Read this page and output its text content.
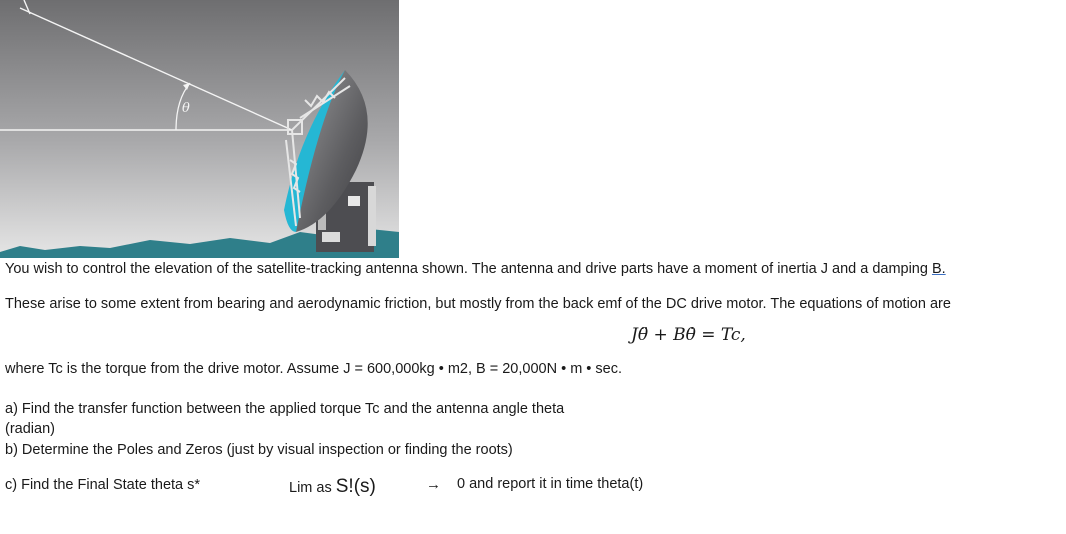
θ
You wish to control the elevation of the satellite-tracking antenna shown. The antenna and drive parts have a moment of inertia J and a damping B.
These arise to some extent from bearing and aerodynamic friction, but mostly from the back emf of the DC drive motor. The equations of motion are
Jθ̈ + Bθ̇ = Tc,
where Tc is the torque from the drive motor. Assume J = 600,000kg • m2, B = 20,000N • m • sec.
a) Find the transfer function between the applied torque Tc and the antenna angle theta
(radian)
b) Determine the Poles and Zeros (just by visual inspection or finding the roots)
c) Find the Final State theta s*	Lim as S!(s)	→ 0 and report it in time theta(t)
